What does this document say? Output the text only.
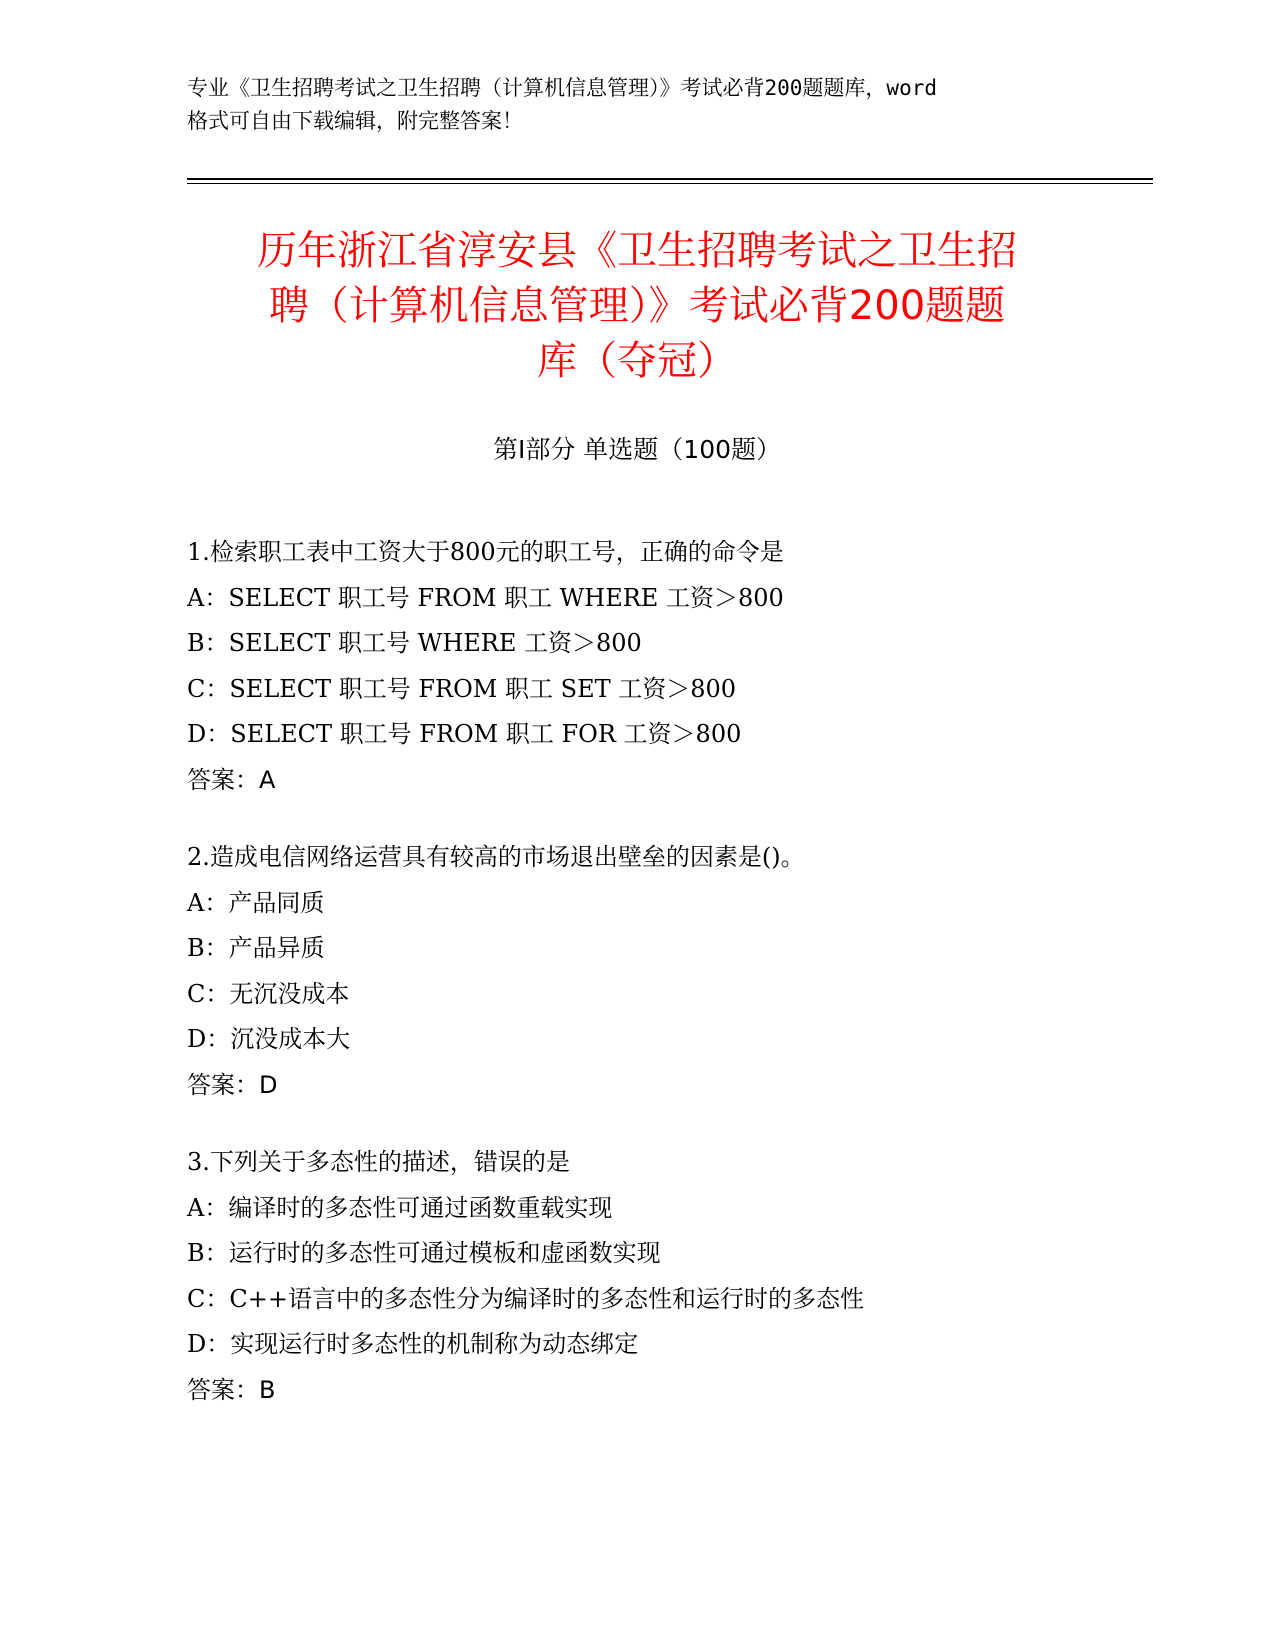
专业《卫生招聘考试之卫生招聘（计算机信息管理）》考试必背200题题库，word
格式可自由下载编辑，附完整答案！
历年浙江省淳安县《卫生招聘考试之卫生招
聘（计算机信息管理）》考试必背200题题
库（夺冠）
第Ⅰ部分 单选题（100题）
1.检索职工表中工资大于800元的职工号，正确的命令是
A：SELECT 职工号 FROM 职工 WHERE 工资＞800
B：SELECT 职工号 WHERE 工资＞800
C：SELECT 职工号 FROM 职工 SET 工资＞800
D：SELECT 职工号 FROM 职工 FOR 工资＞800
答案：A
2.造成电信网络运营具有较高的市场退出壁垒的因素是()。
A：产品同质
B：产品异质
C：无沉没成本
D：沉没成本大
答案：D
3.下列关于多态性的描述，错误的是
A：编译时的多态性可通过函数重载实现
B：运行时的多态性可通过模板和虚函数实现
C：C++语言中的多态性分为编译时的多态性和运行时的多态性
D：实现运行时多态性的机制称为动态绑定
答案：B
